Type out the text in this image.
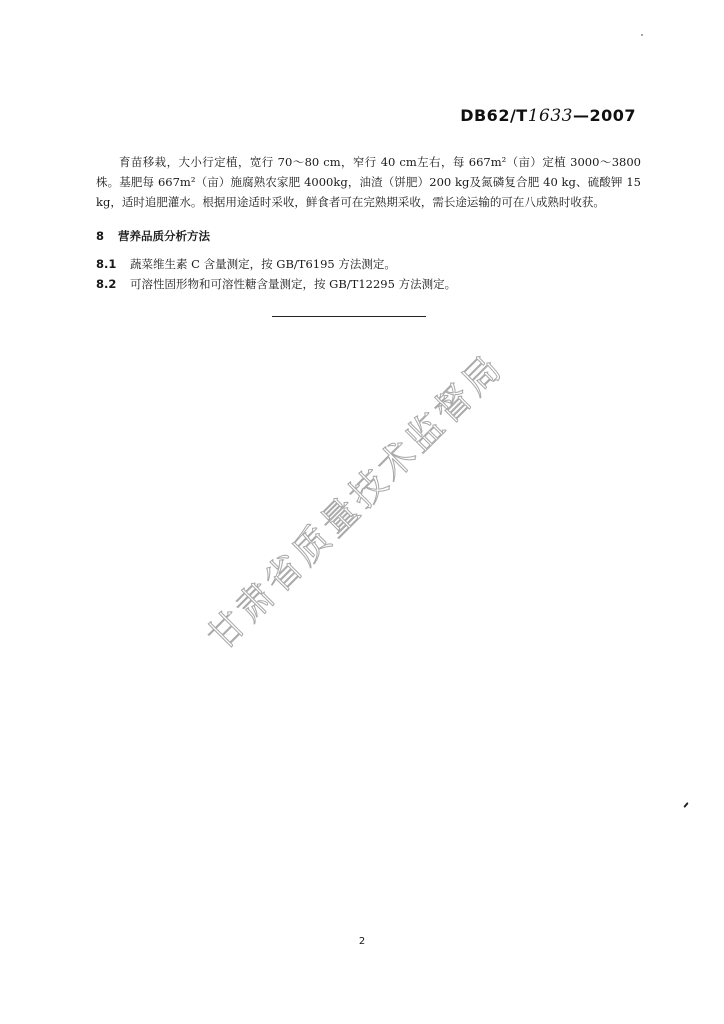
DB62/T1633—2007

育苗移栽，大小行定植，宽行 70～80 cm，窄行 40 cm左右，每 667m²（亩）定植 3000～3800株。基肥每 667m²（亩）施腐熟农家肥 4000kg，油渣（饼肥）200 kg及氮磷复合肥 40 kg、硫酸钾 15 kg，适时追肥灌水。根据用途适时采收，鲜食者可在完熟期采收，需长途运输的可在八成熟时收获。

8 营养品质分析方法

8.1 蔬菜维生素 C 含量测定，按 GB/T6195 方法测定。

8.2 可溶性固形物和可溶性糖含量测定，按 GB/T12295 方法测定。

甘肃省质量技术监督局
2
